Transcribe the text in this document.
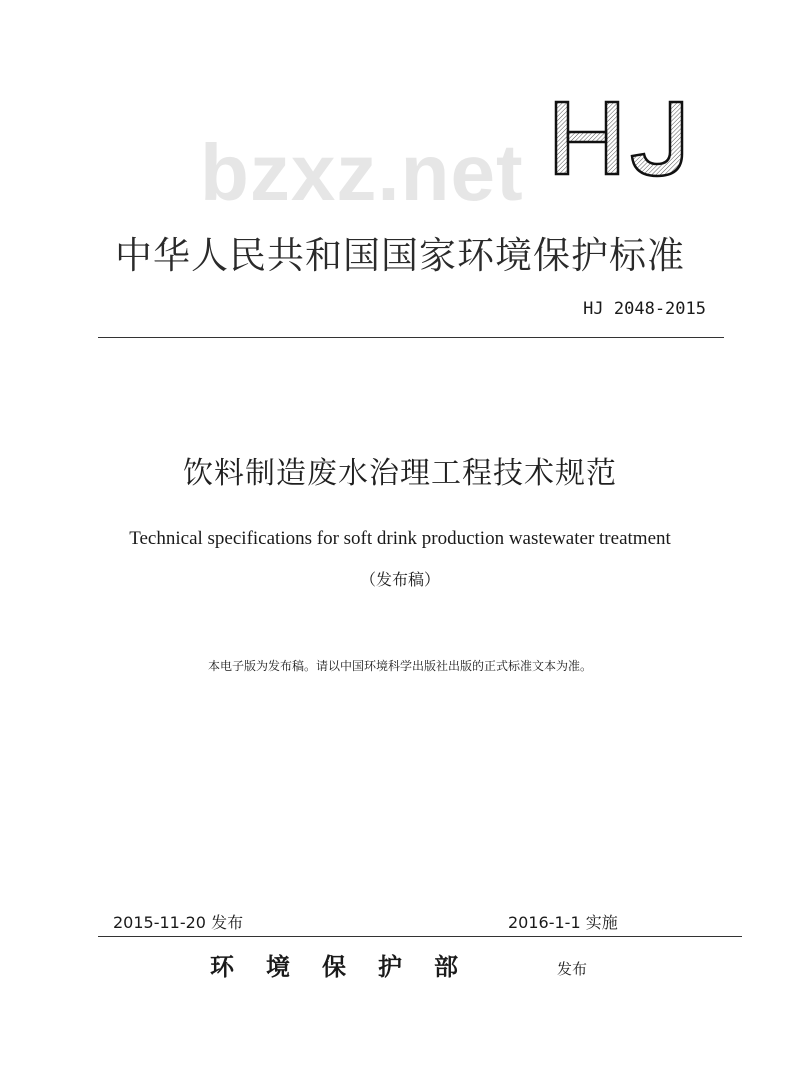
bzxz.net
中华人民共和国国家环境保护标准
HJ 2048-2015
饮料制造废水治理工程技术规范
Technical specifications for soft drink production wastewater treatment
（发布稿）
本电子版为发布稿。请以中国环境科学出版社出版的正式标准文本为准。
2015-11-20 发布	2016-1-1 实施
环境保护部	发布
